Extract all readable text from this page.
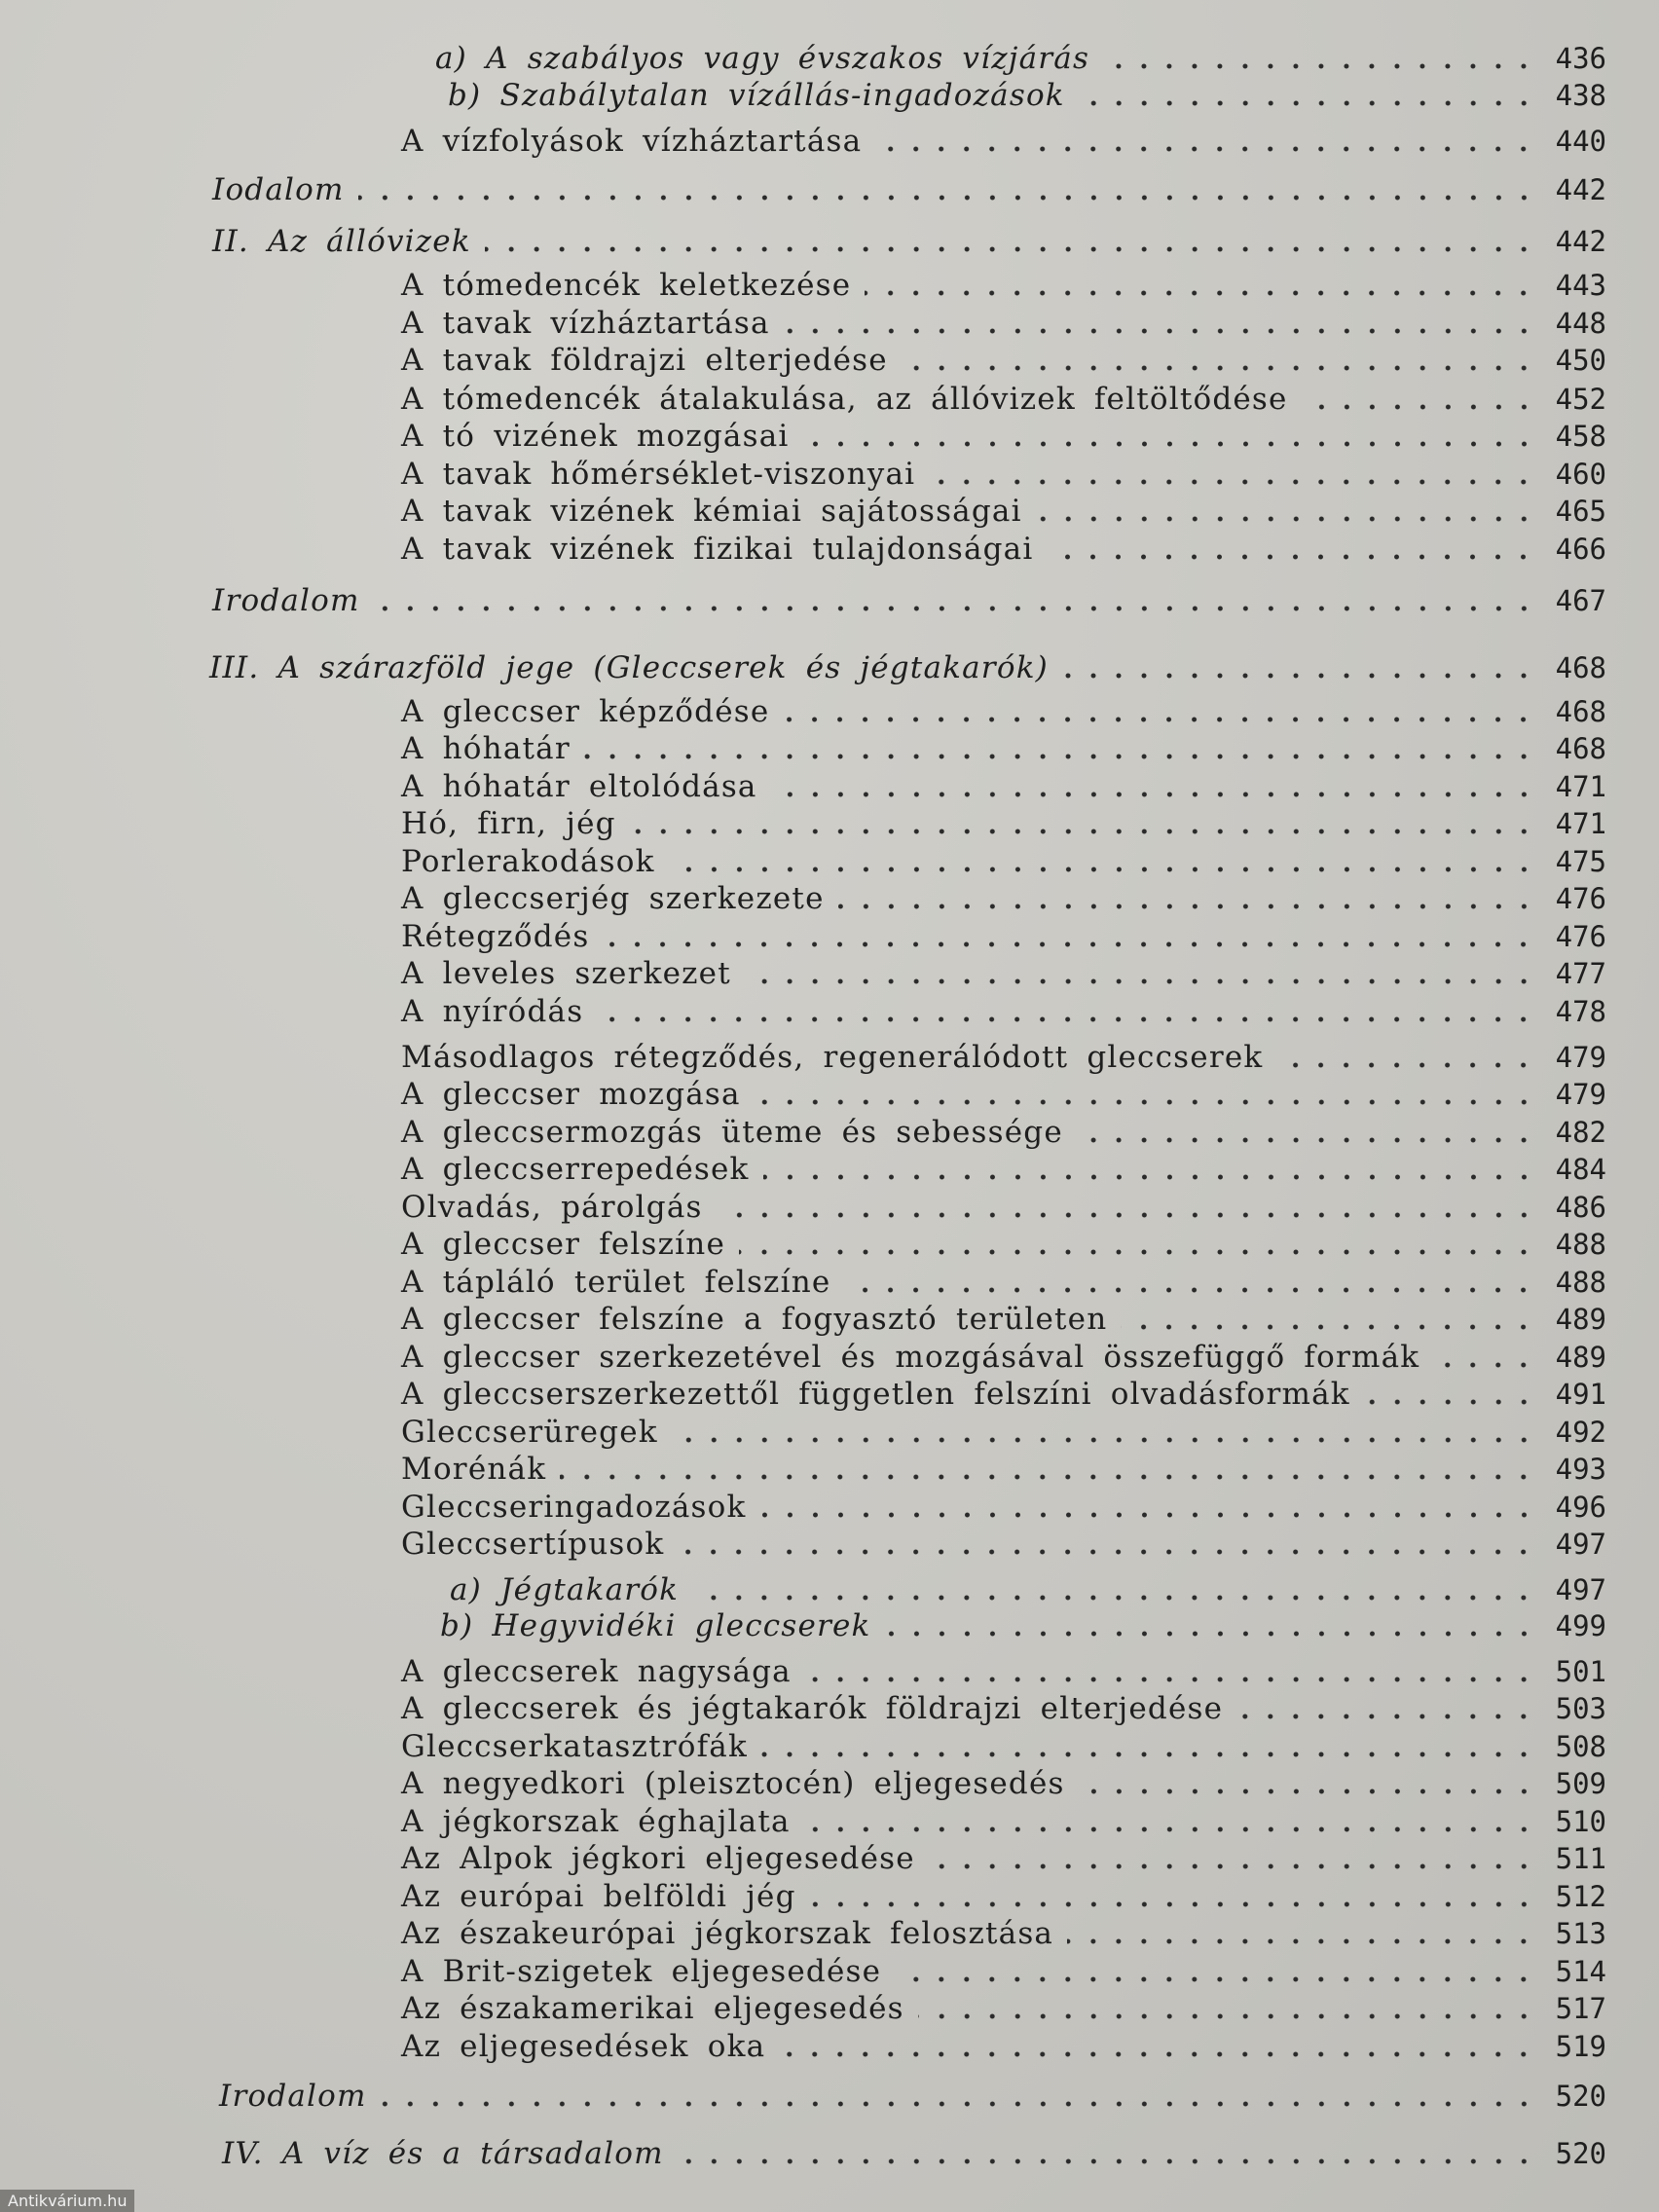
a) A szabályos vagy évszakos vízjárás	436
b) Szabálytalan vízállás-ingadozások	438
A vízfolyások vízháztartása	440
Iodalom	442
II. Az állóvizek	442
A tómedencék keletkezése	443
A tavak vízháztartása	448
A tavak földrajzi elterjedése	450
A tómedencék átalakulása, az állóvizek feltöltődése	452
A tó vizének mozgásai	458
A tavak hőmérséklet-viszonyai	460
A tavak vizének kémiai sajátosságai	465
A tavak vizének fizikai tulajdonságai	466
Irodalom	467
III. A szárazföld jege (Gleccserek és jégtakarók)	468
A gleccser képződése	468
A hóhatár	468
A hóhatár eltolódása	471
Hó, firn, jég	471
Porlerakodások	475
A gleccserjég szerkezete	476
Rétegződés	476
A leveles szerkezet	477
A nyíródás	478
Másodlagos rétegződés, regenerálódott gleccserek	479
A gleccser mozgása	479
A gleccsermozgás üteme és sebessége	482
A gleccserrepedések	484
Olvadás, párolgás	486
A gleccser felszíne	488
A tápláló terület felszíne	488
A gleccser felszíne a fogyasztó területen	489
A gleccser szerkezetével és mozgásával összefüggő formák	489
A gleccserszerkezettől független felszíni olvadásformák	491
Gleccserüregek	492
Morénák	493
Gleccseringadozások	496
Gleccsertípusok	497
a) Jégtakarók	497
b) Hegyvidéki gleccserek	499
A gleccserek nagysága	501
A gleccserek és jégtakarók földrajzi elterjedése	503
Gleccserkatasztrófák	508
A negyedkori (pleisztocén) eljegesedés	509
A jégkorszak éghajlata	510
Az Alpok jégkori eljegesedése	511
Az európai belföldi jég	512
Az északeurópai jégkorszak felosztása	513
A Brit-szigetek eljegesedése	514
Az északamerikai eljegesedés	517
Az eljegesedések oka	519
Irodalom	520
IV. A víz és a társadalom	520
Antikvárium.hu
